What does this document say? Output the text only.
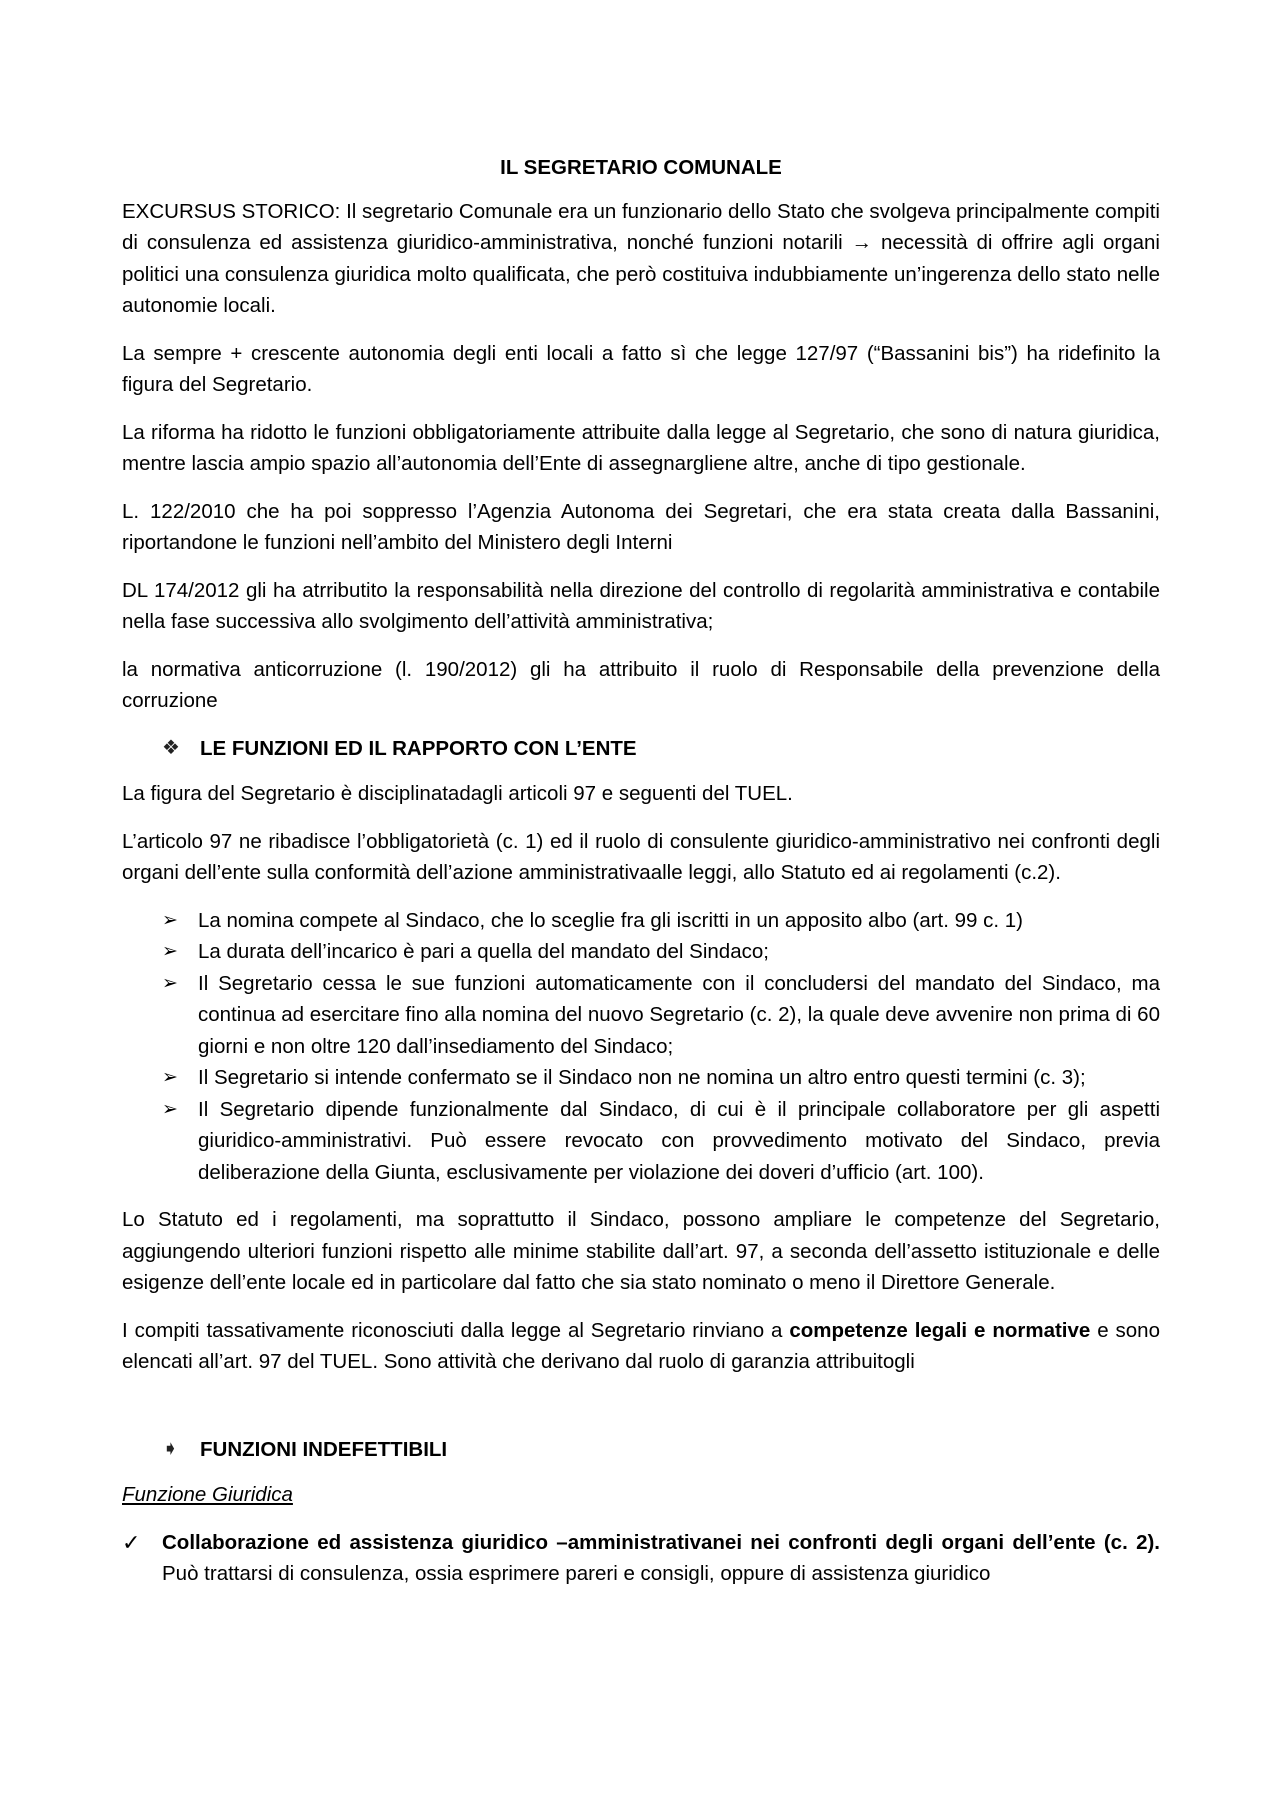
IL SEGRETARIO COMUNALE

EXCURSUS STORICO: Il segretario Comunale era un funzionario dello Stato che svolgeva principalmente compiti di consulenza ed assistenza giuridico-amministrativa, nonché funzioni notarili → necessità di offrire agli organi politici una consulenza giuridica molto qualificata, che però costituiva indubbiamente un’ingerenza dello stato nelle autonomie locali.

La sempre + crescente autonomia degli enti locali a fatto sì che legge 127/97 (“Bassanini bis”) ha ridefinito la figura del Segretario.

La riforma ha ridotto le funzioni obbligatoriamente attribuite dalla legge al Segretario, che sono di natura giuridica, mentre lascia ampio spazio all’autonomia dell’Ente di assegnargliene altre, anche di tipo gestionale.

L. 122/2010 che ha poi soppresso l’Agenzia Autonoma dei Segretari, che era stata creata dalla Bassanini, riportandone le funzioni nell’ambito del Ministero degli Interni

DL 174/2012 gli ha atrributito la responsabilità nella direzione del controllo di regolarità amministrativa e contabile nella fase successiva allo svolgimento dell’attività amministrativa;

la normativa anticorruzione (l. 190/2012) gli ha attribuito il ruolo di Responsabile della prevenzione della corruzione

❖ LE FUNZIONI ED IL RAPPORTO CON L’ENTE

La figura del Segretario è disciplinatadagli articoli 97 e seguenti del TUEL.

L’articolo 97 ne ribadisce l’obbligatorietà (c. 1) ed il ruolo di consulente giuridico-amministrativo nei confronti degli organi dell’ente sulla conformità dell’azione amministrativaalle leggi, allo Statuto ed ai regolamenti (c.2).

➢ La nomina compete al Sindaco, che lo sceglie fra gli iscritti in un apposito albo (art. 99 c. 1)
➢ La durata dell’incarico è pari a quella del mandato del Sindaco;
➢ Il Segretario cessa le sue funzioni automaticamente con il concludersi del mandato del Sindaco, ma continua ad esercitare fino alla nomina del nuovo Segretario (c. 2), la quale deve avvenire non prima di 60 giorni e non oltre 120 dall’insediamento del Sindaco;
➢ Il Segretario si intende confermato se il Sindaco non ne nomina un altro entro questi termini (c. 3);
➢ Il Segretario dipende funzionalmente dal Sindaco, di cui è il principale collaboratore per gli aspetti giuridico-amministrativi. Può essere revocato con provvedimento motivato del Sindaco, previa deliberazione della Giunta, esclusivamente per violazione dei doveri d’ufficio (art. 100).

Lo Statuto ed i regolamenti, ma soprattutto il Sindaco, possono ampliare le competenze del Segretario, aggiungendo ulteriori funzioni rispetto alle minime stabilite dall’art. 97, a seconda dell’assetto istituzionale e delle esigenze dell’ente locale ed in particolare dal fatto che sia stato nominato o meno il Direttore Generale.

I compiti tassativamente riconosciuti dalla legge al Segretario rinviano a competenze legali e normative e sono elencati all’art. 97 del TUEL. Sono attività che derivano dal ruolo di garanzia attribuitogli

➧	FUNZIONI INDEFETTIBILI
Funzione Giuridica
✓	Collaborazione ed assistenza giuridico –amministrativanei nei confronti degli organi dell’ente (c. 2). Può trattarsi di consulenza, ossia esprimere pareri e consigli, oppure di assistenza giuridico
